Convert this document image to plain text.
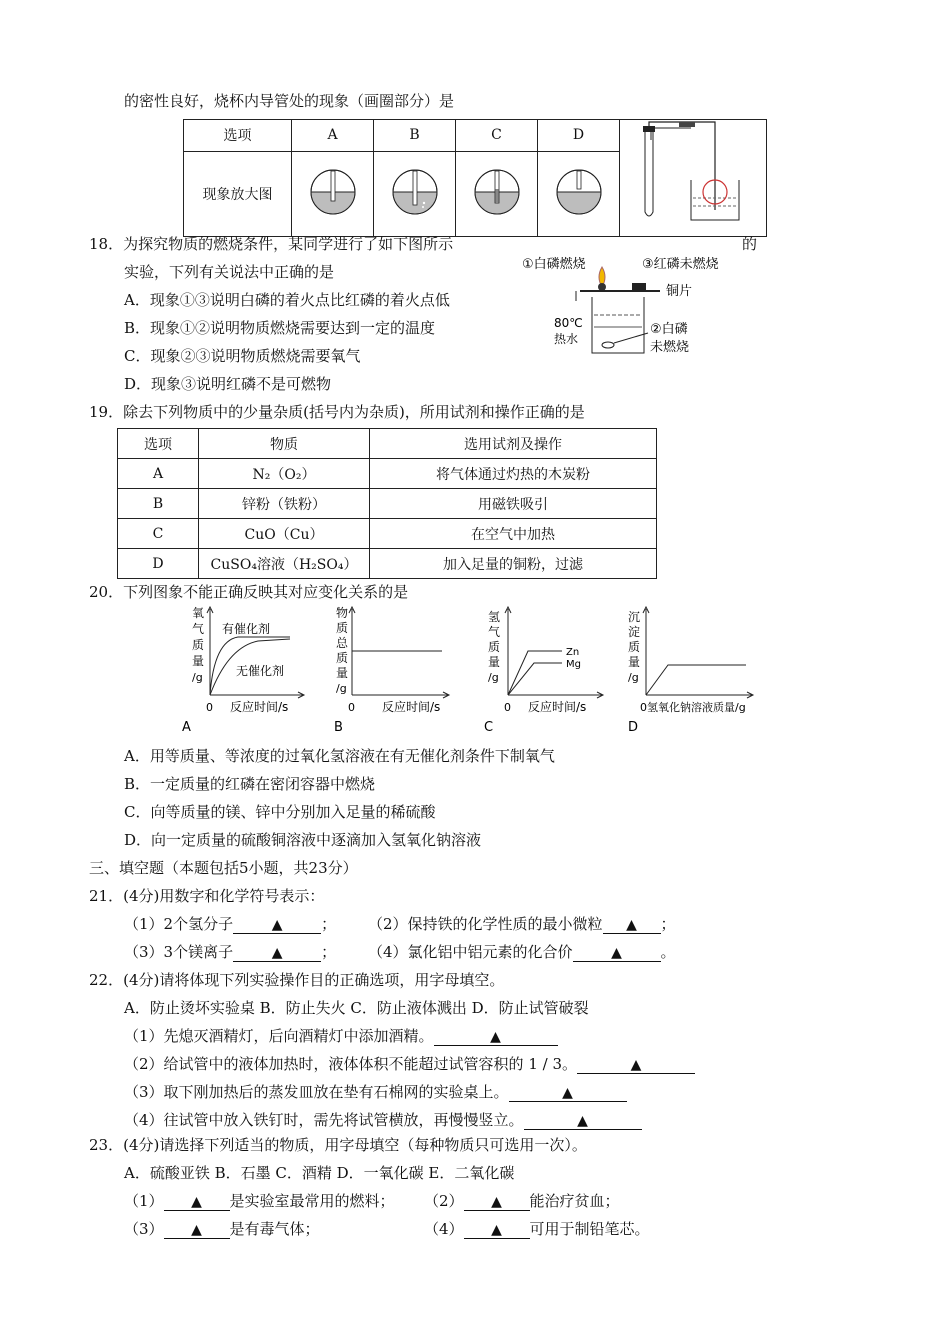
的密性良好，烧杯内导管处的现象（画圈部分）是
选项	A	B	C	D	
现象放大图				
18．为探究物质的燃烧条件，某同学进行了如下图所示	的
实验，下列有关说法中正确的是
A．现象①③说明白磷的着火点比红磷的着火点低
B．现象①②说明物质燃烧需要达到一定的温度
C．现象②③说明物质燃烧需要氧气
D．现象③说明红磷不是可燃物
①白磷燃烧	③红磷未燃烧
铜片
80℃
热水
②白磷
未燃烧
19．除去下列物质中的少量杂质(括号内为杂质)，所用试剂和操作正确的是
选项	物质	选用试剂及操作
A	N₂（O₂）	将气体通过灼热的木炭粉
B	锌粉（铁粉）	用磁铁吸引
C	CuO（Cu）	在空气中加热
D	CuSO₄溶液（H₂SO₄）	加入足量的铜粉，过滤
20．下列图象不能正确反映其对应变化关系的是
氧
气
质
量
/g
有催化剂
无催化剂
0 反应时间/s
A
物
质
总
质
量
/g
0 反应时间/s
B
氢
气
质
量
/g
Zn
Mg
0 反应时间/s
C
沉
淀
质
量
/g
0氢氧化钠溶液质量/g
D
A．用等质量、等浓度的过氧化氢溶液在有无催化剂条件下制氧气
B．一定质量的红磷在密闭容器中燃烧
C．向等质量的镁、锌中分别加入足量的稀硫酸
D．向一定质量的硫酸铜溶液中逐滴加入氢氧化钠溶液
三、填空题（本题包括5小题，共23分）
21．(4分)用数字和化学符号表示：
（1）2个氢分子	▲	； （2）保持铁的化学性质的最小微粒 ▲ ；
（3）3个镁离子	▲	； （4）氯化铝中铝元素的化合价	▲	。
22．(4分)请将体现下列实验操作目的正确选项，用字母填空。
A．防止烫坏实验桌 B．防止失火 C．防止液体溅出 D．防止试管破裂
（1）先熄灭酒精灯，后向酒精灯中添加酒精。	▲
（2）给试管中的液体加热时，液体体积不能超过试管容积的 1 / 3。	▲
（3）取下刚加热后的蒸发皿放在垫有石棉网的实验桌上。	▲
（4）往试管中放入铁钉时，需先将试管横放，再慢慢竖立。	▲
23．(4分)请选择下列适当的物质，用字母填空（每种物质只可选用一次）。
A．硫酸亚铁 B．石墨 C．酒精 D．一氧化碳 E．二氧化碳
（1） ▲ 是实验室最常用的燃料； （2） ▲ 能治疗贫血；
（3） ▲ 是有毒气体；	（4） ▲ 可用于制铅笔芯。
